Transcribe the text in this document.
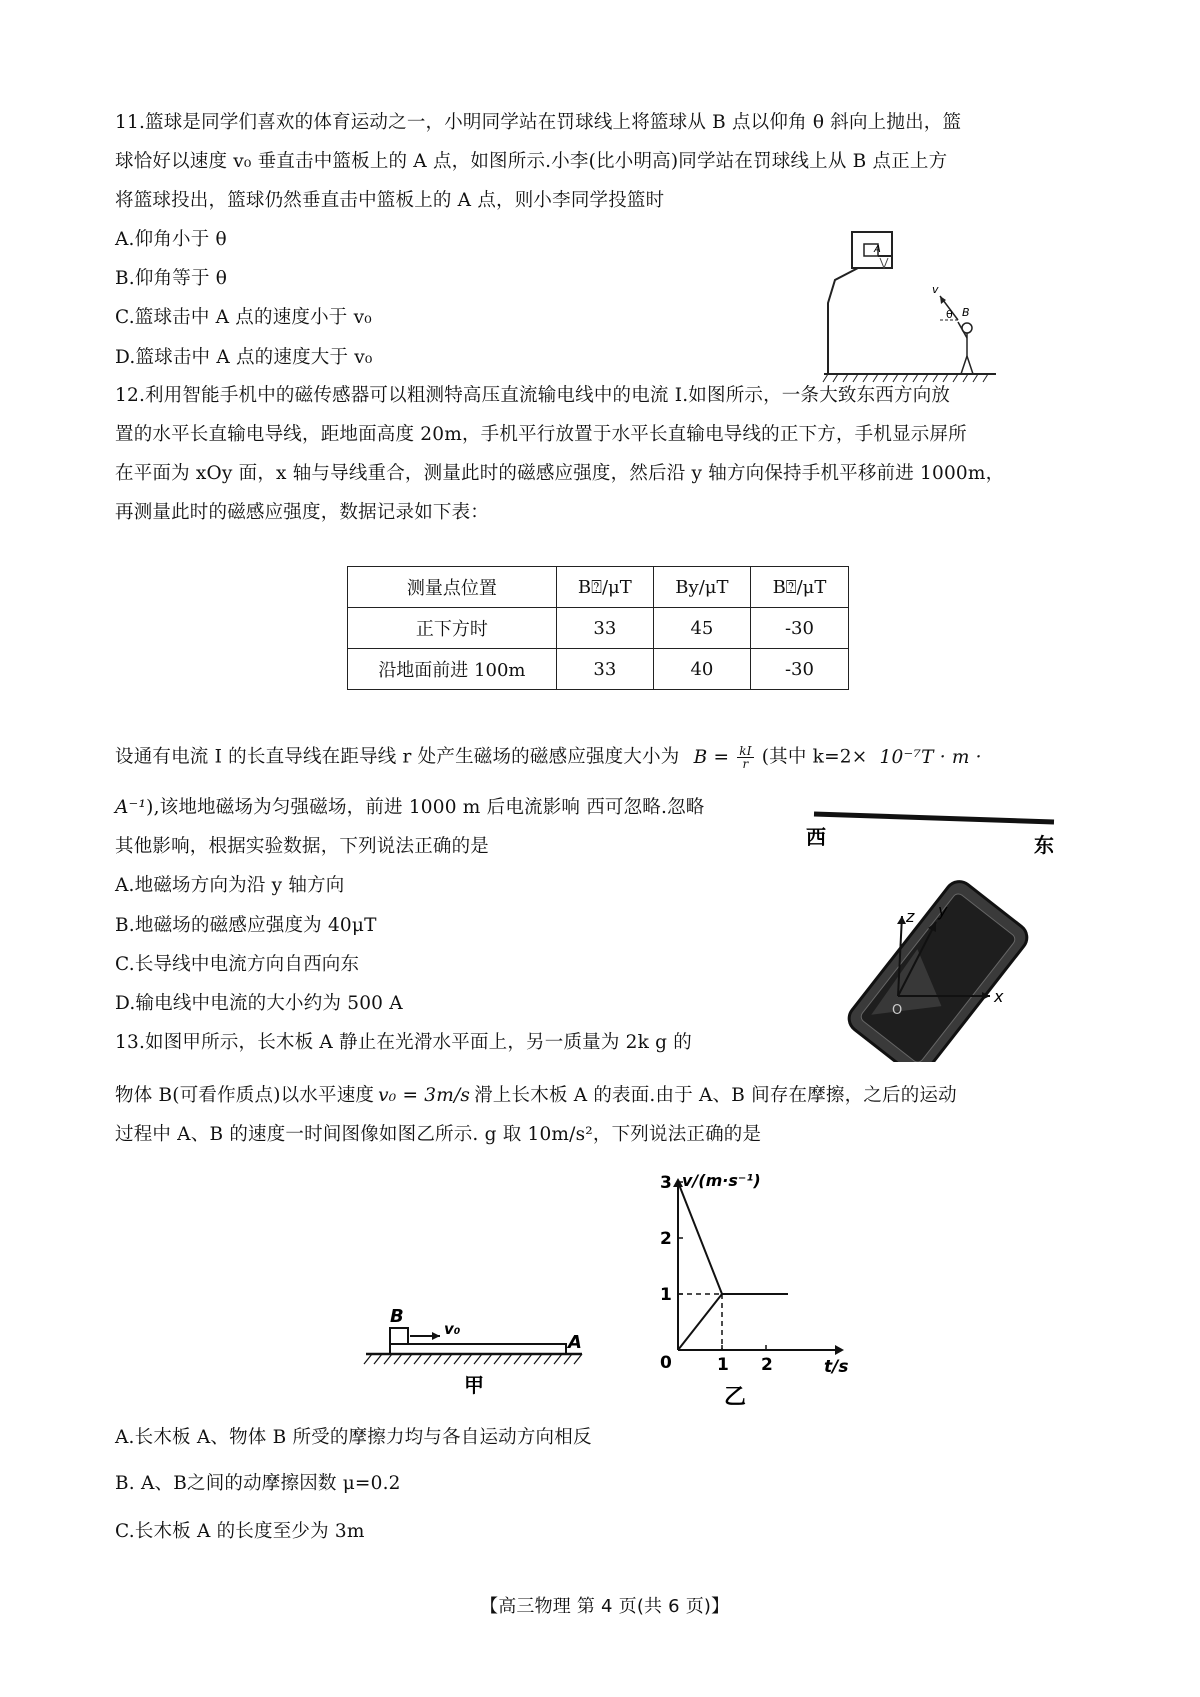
11.篮球是同学们喜欢的体育运动之一，小明同学站在罚球线上将篮球从 B 点以仰角 θ 斜向上抛出，篮
球恰好以速度 v₀ 垂直击中篮板上的 A 点，如图所示.小李(比小明高)同学站在罚球线上从 B 点正上方
将篮球投出，篮球仍然垂直击中篮板上的 A 点，则小李同学投篮时
A.仰角小于 θ
B.仰角等于 θ
C.篮球击中 A 点的速度小于 v₀
D.篮球击中 A 点的速度大于 v₀
A
B
v
θ
12.利用智能手机中的磁传感器可以粗测特高压直流输电线中的电流 I.如图所示，一条大致东西方向放
置的水平长直输电导线，距地面高度 20m，手机平行放置于水平长直输电导线的正下方，手机显示屏所
在平面为 xOy 面，x 轴与导线重合，测量此时的磁感应强度，然后沿 y 轴方向保持手机平移前进 1000m，
再测量此时的磁感应强度，数据记录如下表：
测量点位置	B⍰/μT	By/μT	B⍰/μT
正下方时	33	45	-30
沿地面前进 100m	33	40	-30
设通有电流 I 的长直导线在距导线 r 处产生磁场的磁感应强度大小为 $B = \frac{kI}{r}$ (其中 k=2× 10⁻⁷T · m ·
A⁻¹),该地地磁场为匀强磁场，前进 1000 m 后电流影响 西可忽略.忽略
其他影响，根据实验数据，下列说法正确的是
A.地磁场方向为沿 y 轴方向
B.地磁场的磁感应强度为 40μT
C.长导线中电流方向自西向东
D.输电线中电流的大小约为 500 A
西	东
x
y
z
O
13.如图甲所示，长木板 A 静止在光滑水平面上，另一质量为 2k g 的
物体 B(可看作质点)以水平速度 v₀ = 3m/s 滑上长木板 A 的表面.由于 A、B 间存在摩擦，之后的运动
过程中 A、B 的速度一时间图像如图乙所示. g 取 10m/s²，下列说法正确的是
B
A
v₀
甲
1
2
3
1 2
v/(m·s⁻¹)
t/s
0
乙
A.长木板 A、物体 B 所受的摩擦力均与各自运动方向相反
B. A、B之间的动摩擦因数 μ=0.2
C.长木板 A 的长度至少为 3m
【高三物理 第 4 页(共 6 页)】
